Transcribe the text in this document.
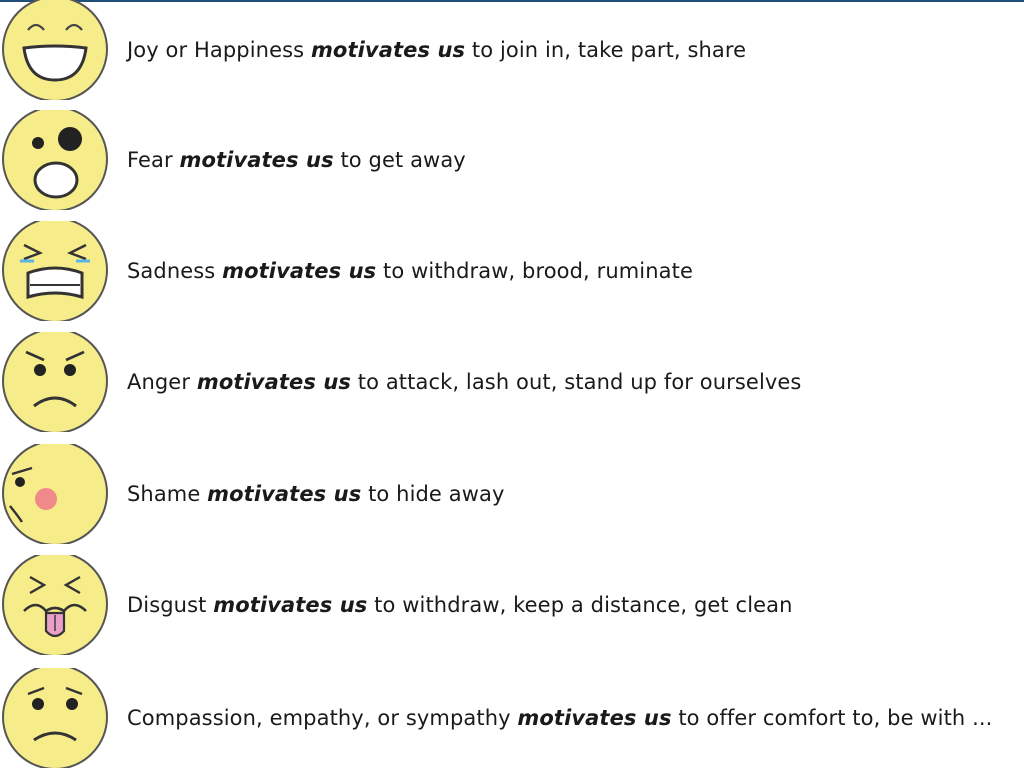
Joy or Happiness motivates us to join in, take part, share
Fear motivates us to get away
Sadness motivates us to withdraw, brood, ruminate
Anger motivates us to attack, lash out, stand up for ourselves
Shame motivates us to hide away
Disgust motivates us to withdraw, keep a distance, get clean
Compassion, empathy, or sympathy motivates us to offer comfort to, be with ...
